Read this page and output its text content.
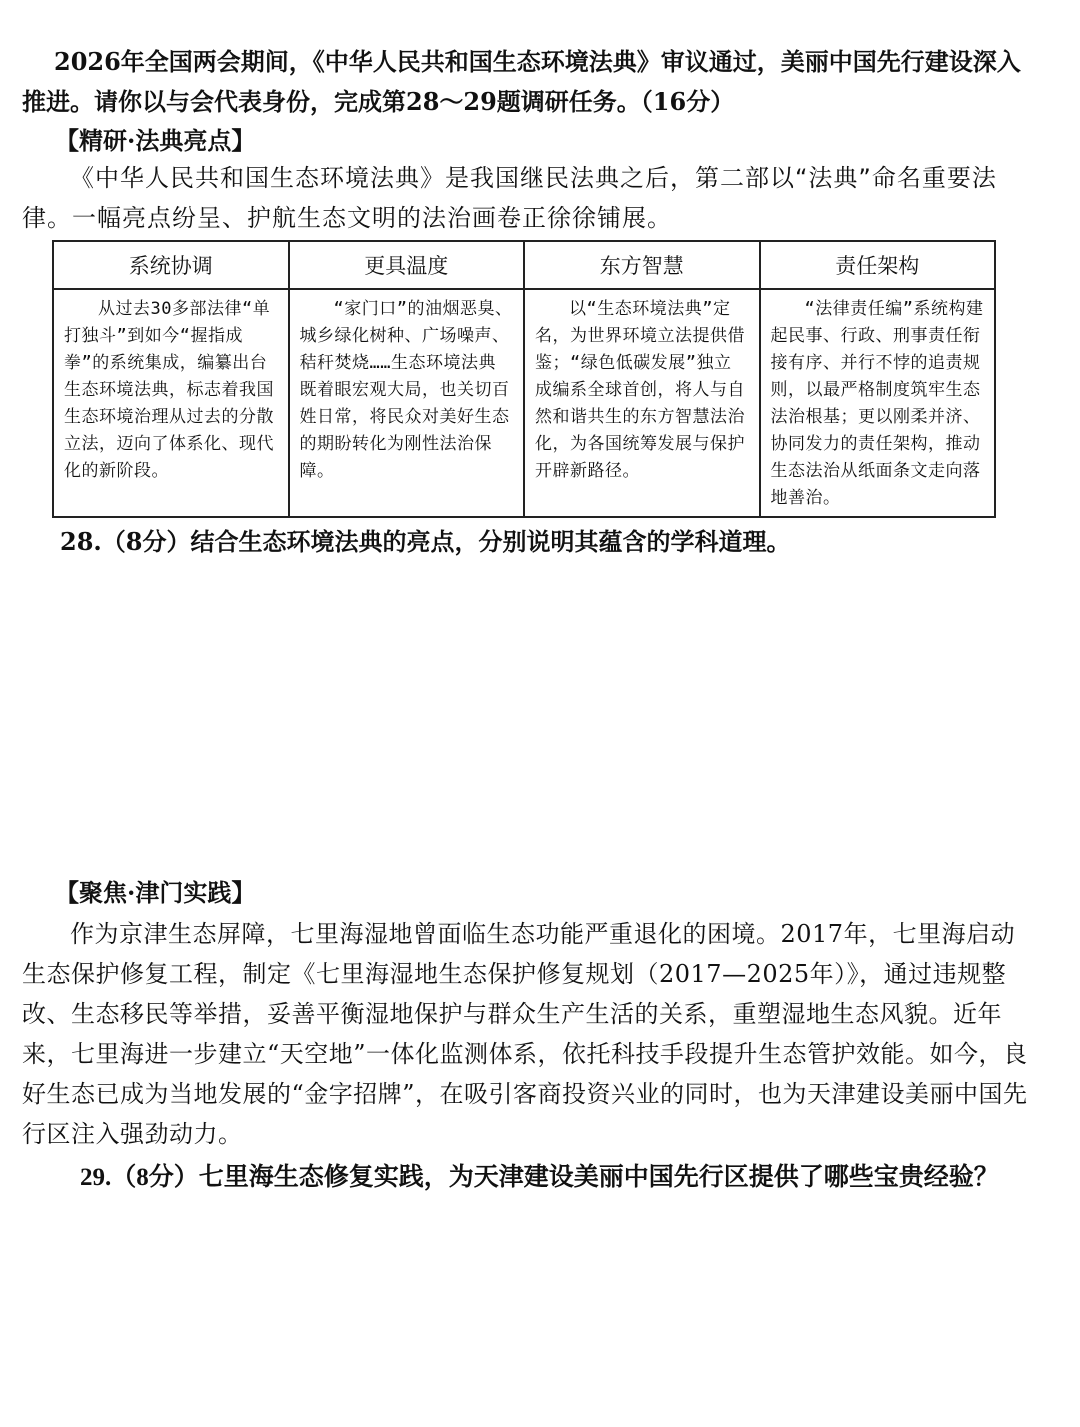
2026年全国两会期间，《中华人民共和国生态环境法典》审议通过，美丽中国先行建设深入推进。请你以与会代表身份，完成第28～29题调研任务。（16分）

【精研·法典亮点】

《中华人民共和国生态环境法典》是我国继民法典之后，第二部以“法典”命名重要法律。一幅亮点纷呈、护航生态文明的法治画卷正徐徐铺展。

系统协调	更具温度	东方智慧	责任架构
从过去30多部法律“单打独斗”到如今“握指成拳”的系统集成，编纂出台生态环境法典，标志着我国生态环境治理从过去的分散立法，迈向了体系化、现代化的新阶段。	“家门口”的油烟恶臭、城乡绿化树种、广场噪声、秸秆焚烧……生态环境法典既着眼宏观大局，也关切百姓日常，将民众对美好生态的期盼转化为刚性法治保障。	以“生态环境法典”定名，为世界环境立法提供借鉴；“绿色低碳发展”独立成编系全球首创，将人与自然和谐共生的东方智慧法治化，为各国统筹发展与保护开辟新路径。	“法律责任编”系统构建起民事、行政、刑事责任衔接有序、并行不悖的追责规则，以最严格制度筑牢生态法治根基；更以刚柔并济、协同发力的责任架构，推动生态法治从纸面条文走向落地善治。

28.（8分）结合生态环境法典的亮点，分别说明其蕴含的学科道理。

【聚焦·津门实践】

作为京津生态屏障，七里海湿地曾面临生态功能严重退化的困境。2017年，七里海启动生态保护修复工程，制定《七里海湿地生态保护修复规划（2017—2025年）》，通过违规整改、生态移民等举措，妥善平衡湿地保护与群众生产生活的关系，重塑湿地生态风貌。近年来，七里海进一步建立“天空地”一体化监测体系，依托科技手段提升生态管护效能。如今，良好生态已成为当地发展的“金字招牌”，在吸引客商投资兴业的同时，也为天津建设美丽中国先行区注入强劲动力。

29.（8分）七里海生态修复实践，为天津建设美丽中国先行区提供了哪些宝贵经验？
